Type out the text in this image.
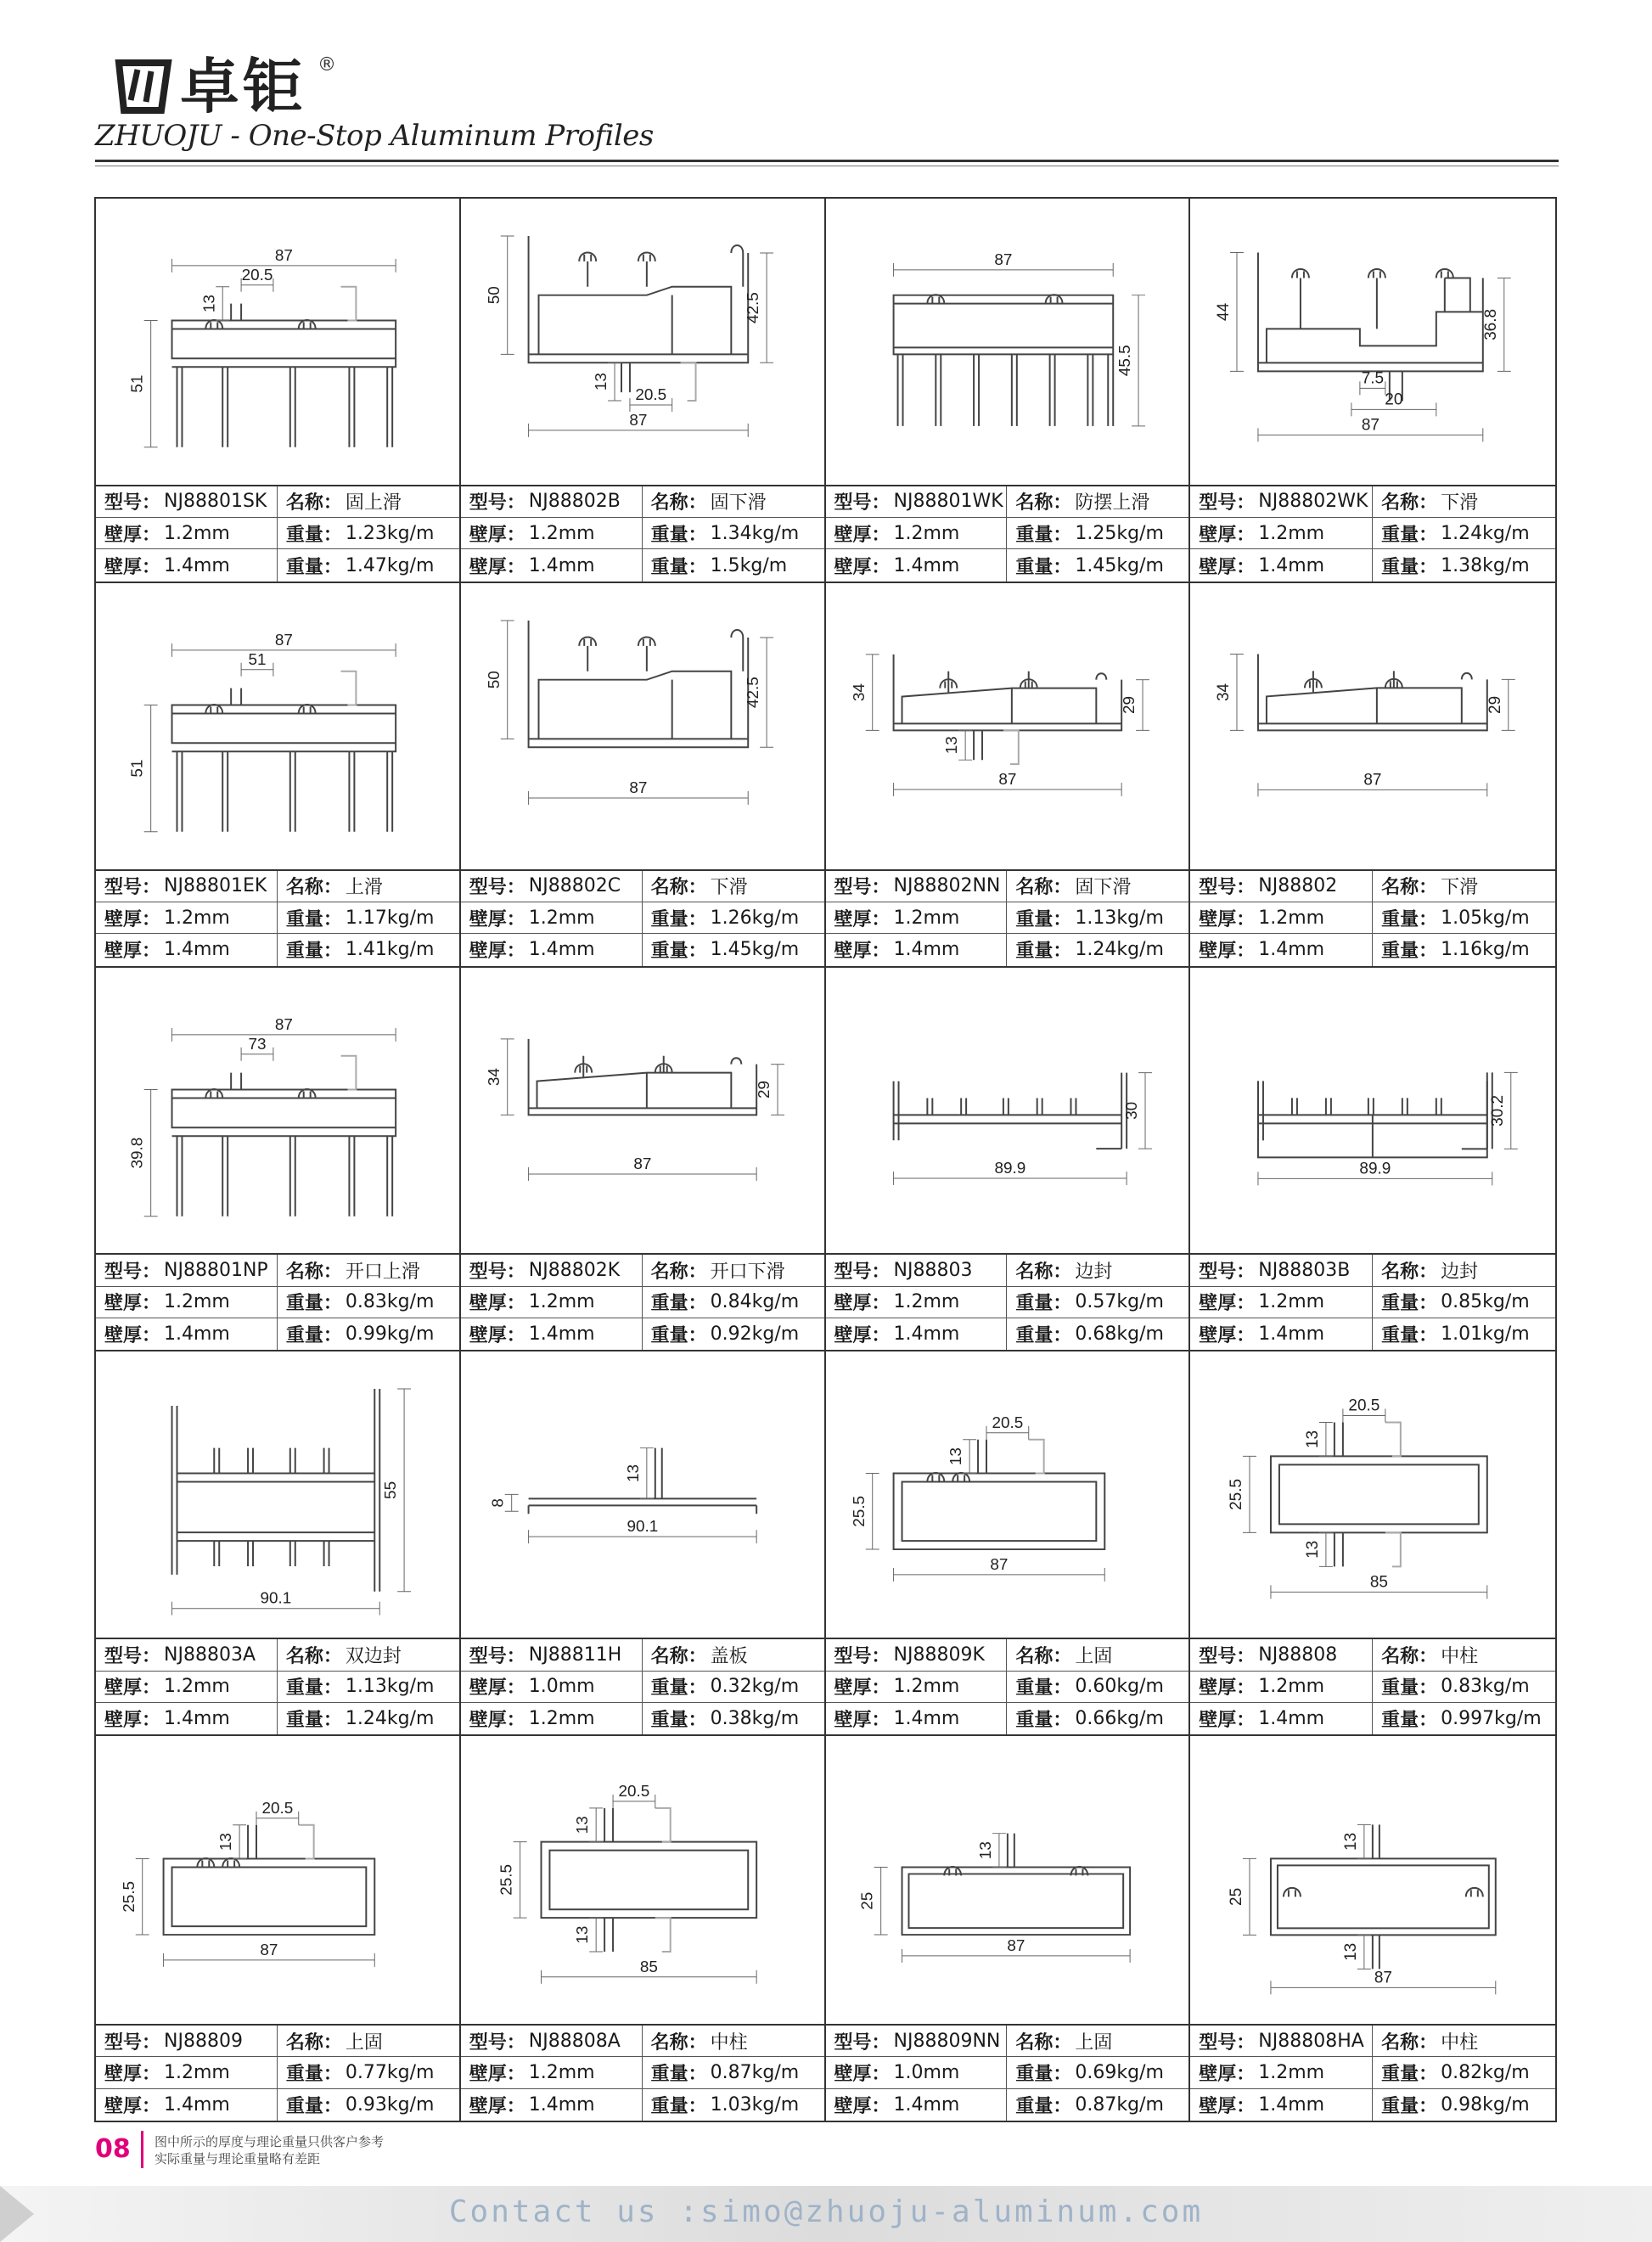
卓钜 ®
ZHUOJU - One-Stop Aluminum Profiles
87
20.5
13
51
型号： NJ88801SK 名称： 固上滑
壁厚： 1.2mm	重量： 1.23kg/m
壁厚： 1.4mm	重量： 1.47kg/m
50	42.5
13
20.5
87
型号： NJ88802B 名称： 固下滑
壁厚： 1.2mm	重量： 1.34kg/m
壁厚： 1.4mm	重量： 1.5kg/m
87
45.5
型号： NJ88801WK 名称： 防摆上滑
壁厚： 1.2mm	重量： 1.25kg/m
壁厚： 1.4mm	重量： 1.45kg/m
44	36.8
7.5
20
87
型号： NJ88802WK 名称： 下滑
壁厚： 1.2mm	重量： 1.24kg/m
壁厚： 1.4mm	重量： 1.38kg/m
87
51
51
型号： NJ88801EK 名称： 上滑
壁厚： 1.2mm	重量： 1.17kg/m
壁厚： 1.4mm	重量： 1.41kg/m
50	42.5
87
型号： NJ88802C 名称： 下滑
壁厚： 1.2mm	重量： 1.26kg/m
壁厚： 1.4mm	重量： 1.45kg/m
13
34
29
87
型号： NJ88802NN 名称： 固下滑
壁厚： 1.2mm	重量： 1.13kg/m
壁厚： 1.4mm	重量： 1.24kg/m
34
29
87
型号： NJ88802 名称： 下滑
壁厚： 1.2mm	重量： 1.05kg/m
壁厚： 1.4mm	重量： 1.16kg/m
87
73
39.8
型号： NJ88801NP 名称： 开口上滑
壁厚： 1.2mm	重量： 0.83kg/m
壁厚： 1.4mm	重量： 0.99kg/m
34
29
87
型号： NJ88802K 名称： 开口下滑
壁厚： 1.2mm	重量： 0.84kg/m
壁厚： 1.4mm	重量： 0.92kg/m
30
89.9
型号： NJ88803 名称： 边封
壁厚： 1.2mm	重量： 0.57kg/m
壁厚： 1.4mm	重量： 0.68kg/m
30.2
89.9
型号： NJ88803B 名称： 边封
壁厚： 1.2mm	重量： 0.85kg/m
壁厚： 1.4mm	重量： 1.01kg/m
55
90.1
型号： NJ88803A 名称： 双边封
壁厚： 1.2mm	重量： 1.13kg/m
壁厚： 1.4mm	重量： 1.24kg/m
13
8
90.1
型号： NJ88811H 名称： 盖板
壁厚： 1.0mm	重量： 0.32kg/m
壁厚： 1.2mm	重量： 0.38kg/m
20.5
13
25.5
87
型号： NJ88809K 名称： 上固
壁厚： 1.2mm	重量： 0.60kg/m
壁厚： 1.4mm	重量： 0.66kg/m
20.5
13
25.5
13
85
型号： NJ88808 名称： 中柱
壁厚： 1.2mm	重量： 0.83kg/m
壁厚： 1.4mm	重量： 0.997kg/m
20.5
13
25.5
87
型号： NJ88809 名称： 上固
壁厚： 1.2mm	重量： 0.77kg/m
壁厚： 1.4mm	重量： 0.93kg/m
20.5
13
25.5
13
85
型号： NJ88808A 名称： 中柱
壁厚： 1.2mm	重量： 0.87kg/m
壁厚： 1.4mm	重量： 1.03kg/m
13
25
87
型号： NJ88809NN 名称： 上固
壁厚： 1.0mm	重量： 0.69kg/m
壁厚： 1.4mm	重量： 0.87kg/m
13
25
13
87
型号： NJ88808HA 名称： 中柱
壁厚： 1.2mm	重量： 0.82kg/m
壁厚： 1.4mm	重量： 0.98kg/m
08	图中所示的厚度与理论重量只供客户参考
实际重量与理论重量略有差距
Contact us :simo@zhuoju-aluminum.com
